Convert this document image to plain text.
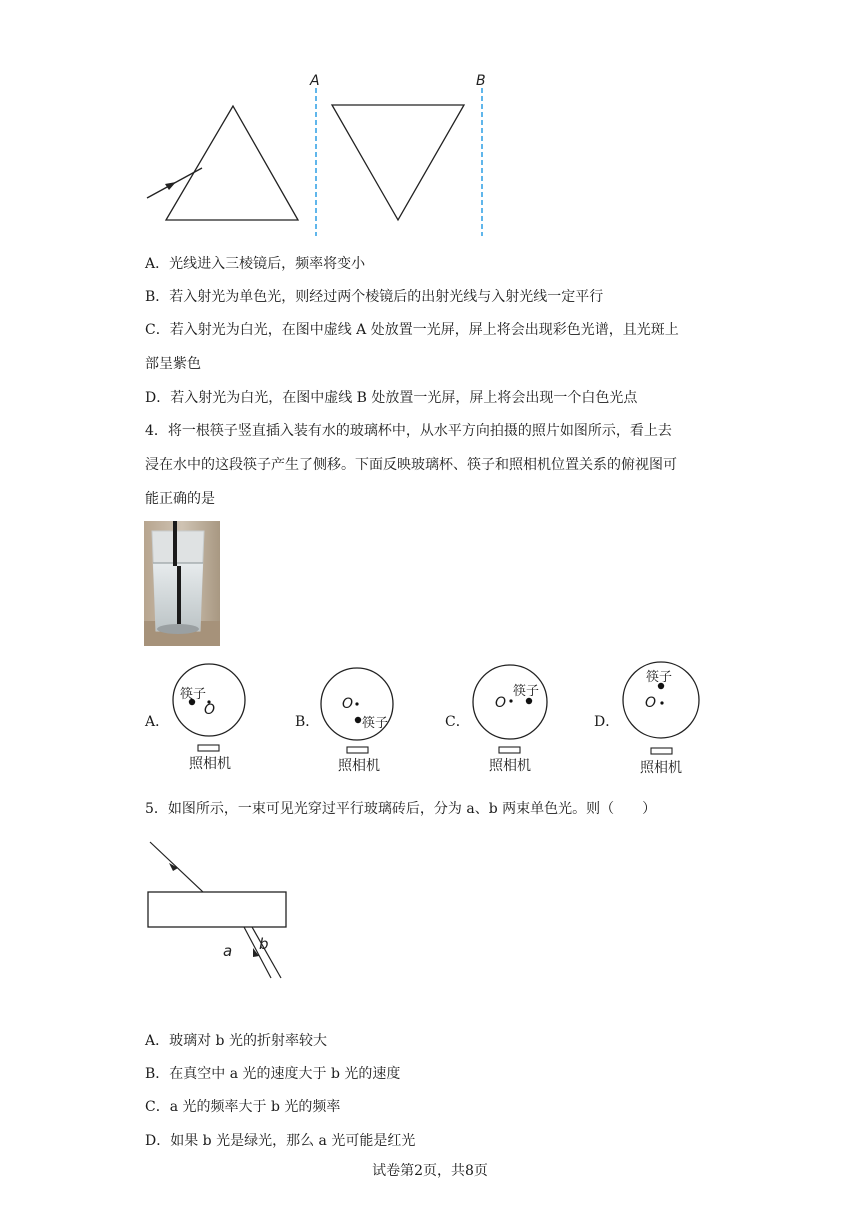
A	B
A．光线进入三棱镜后，频率将变小
B．若入射光为单色光，则经过两个棱镜后的出射光线与入射光线一定平行
C．若入射光为白光，在图中虚线 A 处放置一光屏，屏上将会出现彩色光谱，且光斑上
部呈紫色
D．若入射光为白光，在图中虚线 B 处放置一光屏，屏上将会出现一个白色光点
4．将一根筷子竖直插入装有水的玻璃杯中，从水平方向拍摄的照片如图所示，看上去
浸在水中的这段筷子产生了侧移。下面反映玻璃杯、筷子和照相机位置关系的俯视图可
能正确的是
A．
筷子
O
照相机
B．
O
筷子
照相机
C．
O
筷子
照相机
D．
筷子
O
照相机
5．如图所示，一束可见光穿过平行玻璃砖后，分为 a、b 两束单色光。则（　　）
a b
A．玻璃对 b 光的折射率较大
B．在真空中 a 光的速度大于 b 光的速度
C．a 光的频率大于 b 光的频率
D．如果 b 光是绿光，那么 a 光可能是红光
试卷第2页，共8页
